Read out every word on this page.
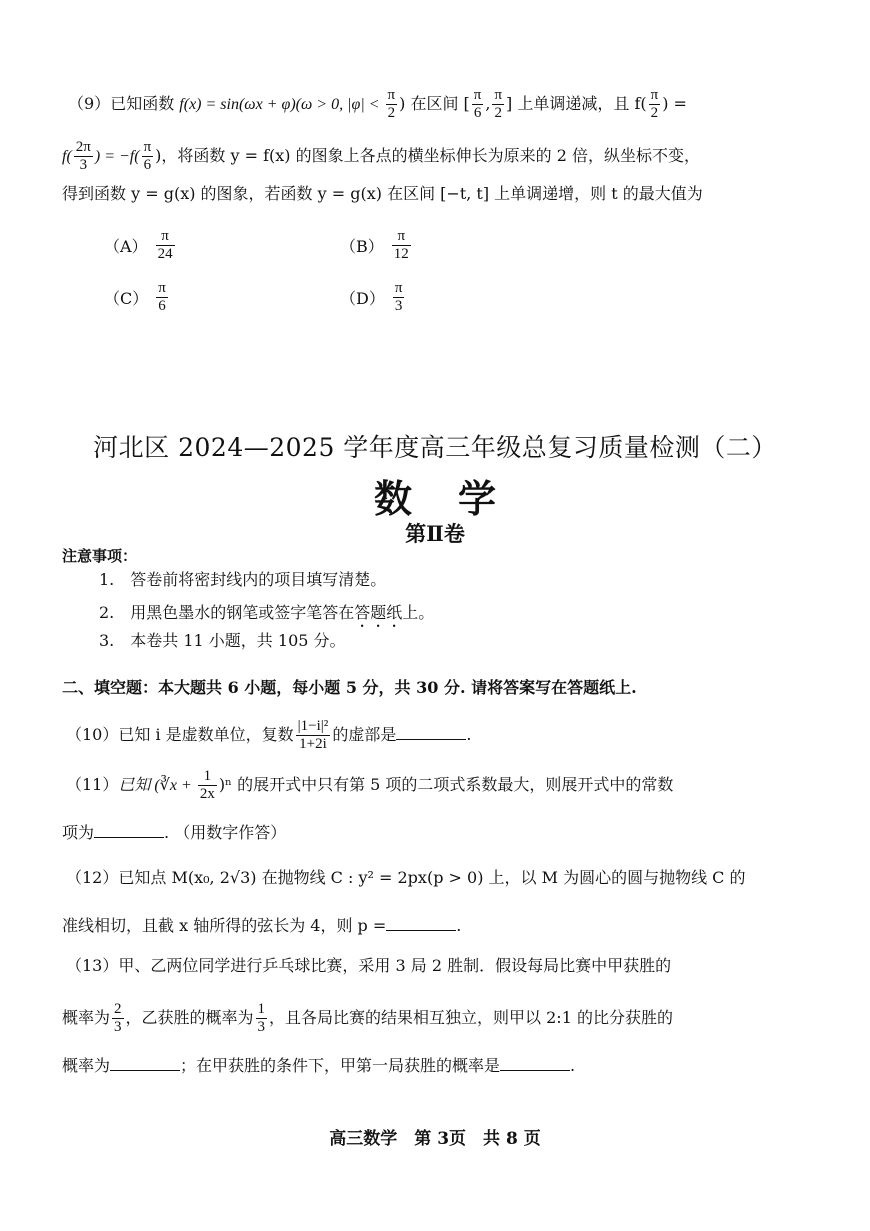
（9）已知函数 f(x) = sin(ωx + φ)(ω > 0, $|\varphi| < \frac{\pi}{2}$ ) 在区间 [ $\frac{\pi}{6}$ , $\frac{\pi}{2}$ ] 上单调递减，且 $f( \frac{\pi}{2}$ ) =
$f( \frac{2\pi}{3}$ ) = $-f( \frac{\pi}{6}$ )，将函数 y = f(x) 的图象上各点的横坐标伸长为原来的 2 倍，纵坐标不变，
得到函数 y = g(x) 的图象，若函数 y = g(x) 在区间 [−t, t] 上单调递增，则 t 的最大值为
$(A) \frac{\pi}{24}$	$(B) \frac{\pi}{12}$
$(C) \frac{\pi}{6}$	$(D) \frac{\pi}{3}$
河北区 2024—2025 学年度高三年级总复习质量检测（二）
数学
第Ⅱ卷
注意事项：
1.　答卷前将密封线内的项目填写清楚。
2.　用黑色墨水的钢笔或签字笔答在答题纸上。
3.　本卷共 11 小题，共 105 分。
二、填空题：本大题共 6 小题，每小题 5 分，共 30 分. 请将答案写在答题纸上.
（10）已知 i 是虚数单位，复数 $\frac{\text{|1−i|²}}{1+2i}$ 的虚部是	.
（11）已知 (∛x + $\frac{1}{2x} )^n$ 的展开式中只有第 5 项的二项式系数最大，则展开式中的常数
项为	. （用数字作答）
（12）已知点 M(x₀, 2√3) 在抛物线 C : y² = 2px(p > 0) 上，以 M 为圆心的圆与抛物线 C 的
准线相切，且截 x 轴所得的弦长为 4，则 p =	.
（13）甲、乙两位同学进行乒乓球比赛，采用 3 局 2 胜制．假设每局比赛中甲获胜的
概率为 $\frac{2}{3}$ ，乙获胜的概率为 $\frac{1}{3}$ ，且各局比赛的结果相互独立，则甲以 2:1 的比分获胜的
概率为	；在甲获胜的条件下，甲第一局获胜的概率是	.
高三数学　第 3页　共 8 页
